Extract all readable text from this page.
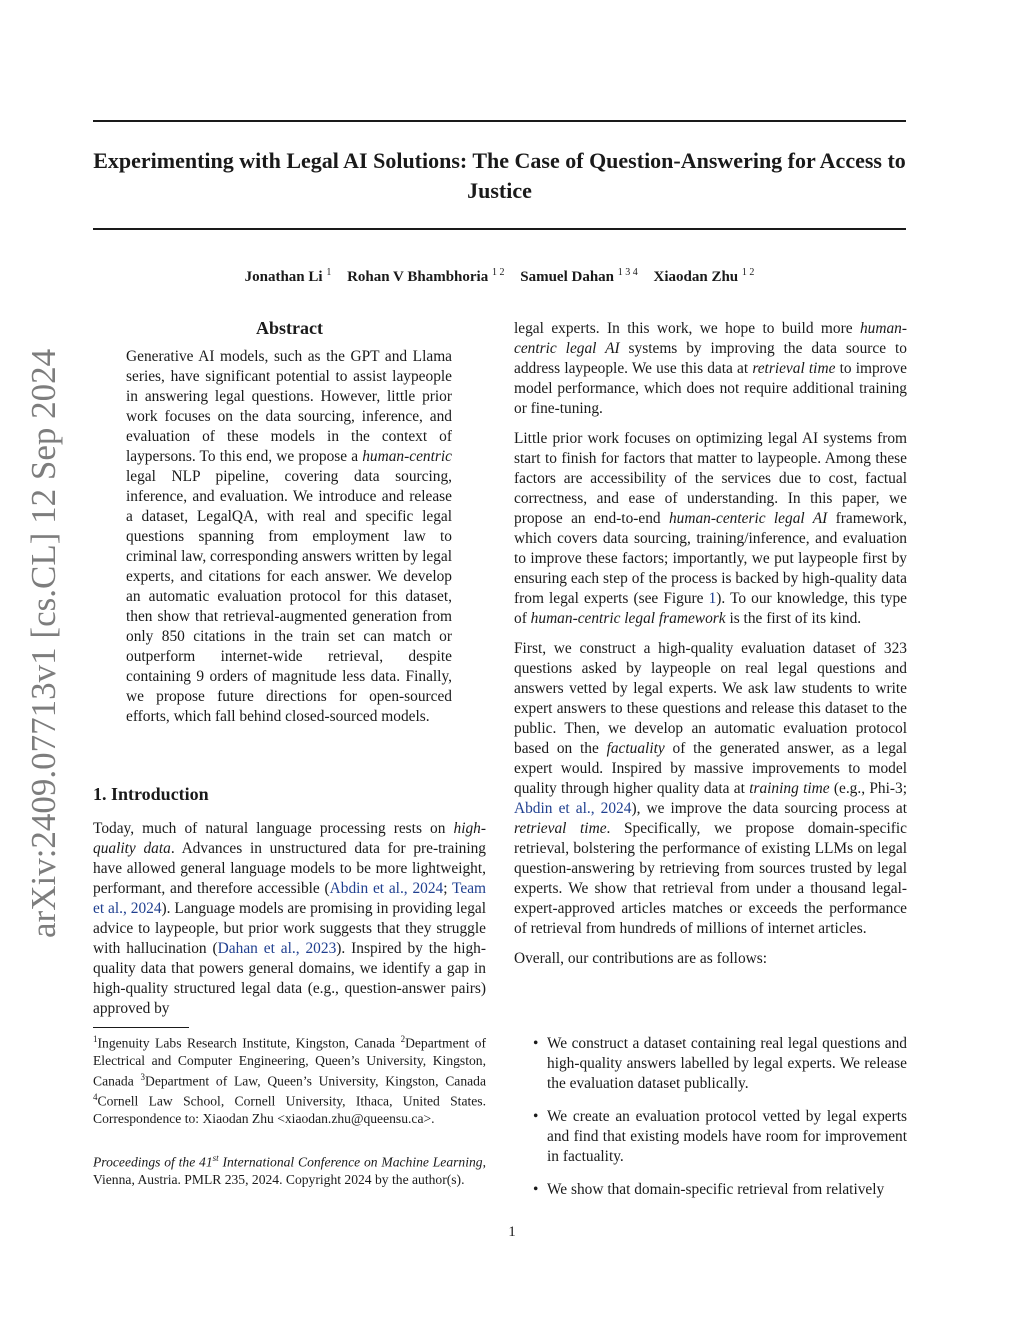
Experimenting with Legal AI Solutions: The Case of Question-Answering for Access to Justice
Jonathan Li $^1$ Rohan V Bhambhoria $^{1 2}$ Samuel Dahan $^{1 3 4}$ Xiaodan Zhu $^{1 2}$
arXiv:2409.07713v1 [cs.CL] 12 Sep 2024
Abstract

Generative AI models, such as the GPT and Llama series, have significant potential to assist laypeople in answering legal questions. However, little prior work focuses on the data sourcing, inference, and evaluation of these models in the context of laypersons. To this end, we propose a human-centric legal NLP pipeline, covering data sourcing, inference, and evaluation. We introduce and release a dataset, LegalQA, with real and specific legal questions spanning from employment law to criminal law, corresponding answers written by legal experts, and citations for each answer. We develop an automatic evaluation protocol for this dataset, then show that retrieval-augmented generation from only 850 citations in the train set can match or outperform internet-wide retrieval, despite containing 9 orders of magnitude less data. Finally, we propose future directions for open-sourced efforts, which fall behind closed-sourced models.

1. Introduction

Today, much of natural language processing rests on high-quality data. Advances in unstructured data for pre-training have allowed general language models to be more lightweight, performant, and therefore accessible (Abdin et al., 2024; Team et al., 2024). Language models are promising in providing legal advice to laypeople, but prior work suggests that they struggle with hallucination (Dahan et al., 2023). Inspired by the high-quality data that powers general domains, we identify a gap in high-quality structured legal data (e.g., question-answer pairs) approved by

$^1$Ingenuity Labs Research Institute, Kingston, Canada $^2$Department of Electrical and Computer Engineering, Queen’s University, Kingston, Canada $^3$Department of Law, Queen’s University, Kingston, Canada $^4$Cornell Law School, Cornell University, Ithaca, United States. Correspondence to: Xiaodan Zhu <xiaodan.zhu@queensu.ca>.

Proceedings of the 41st International Conference on Machine Learning, Vienna, Austria. PMLR 235, 2024. Copyright 2024 by the author(s).

legal experts. In this work, we hope to build more human-centric legal AI systems by improving the data source to address laypeople. We use this data at retrieval time to improve model performance, which does not require additional training or fine-tuning.

Little prior work focuses on optimizing legal AI systems from start to finish for factors that matter to laypeople. Among these factors are accessibility of the services due to cost, factual correctness, and ease of understanding. In this paper, we propose an end-to-end human-centeric legal AI framework, which covers data sourcing, training/inference, and evaluation to improve these factors; importantly, we put laypeople first by ensuring each step of the process is backed by high-quality data from legal experts (see Figure 1). To our knowledge, this type of human-centric legal framework is the first of its kind.

First, we construct a high-quality evaluation dataset of 323 questions asked by laypeople on real legal questions and answers vetted by legal experts. We ask law students to write expert answers to these questions and release this dataset to the public. Then, we develop an automatic evaluation protocol based on the factuality of the generated answer, as a legal expert would. Inspired by massive improvements to model quality through higher quality data at training time (e.g., Phi-3; Abdin et al., 2024), we improve the data sourcing process at retrieval time. Specifically, we propose domain-specific retrieval, bolstering the performance of existing LLMs on legal question-answering by retrieving from sources trusted by legal experts. We show that retrieval from under a thousand legal-expert-approved articles matches or exceeds the performance of retrieval from hundreds of millions of internet articles.

Overall, our contributions are as follows:

• We construct a dataset containing real legal questions and high-quality answers labelled by legal experts. We release the evaluation dataset publically.
• We create an evaluation protocol vetted by legal experts and find that existing models have room for improvement in factuality.
• We show that domain-specific retrieval from relatively
1
